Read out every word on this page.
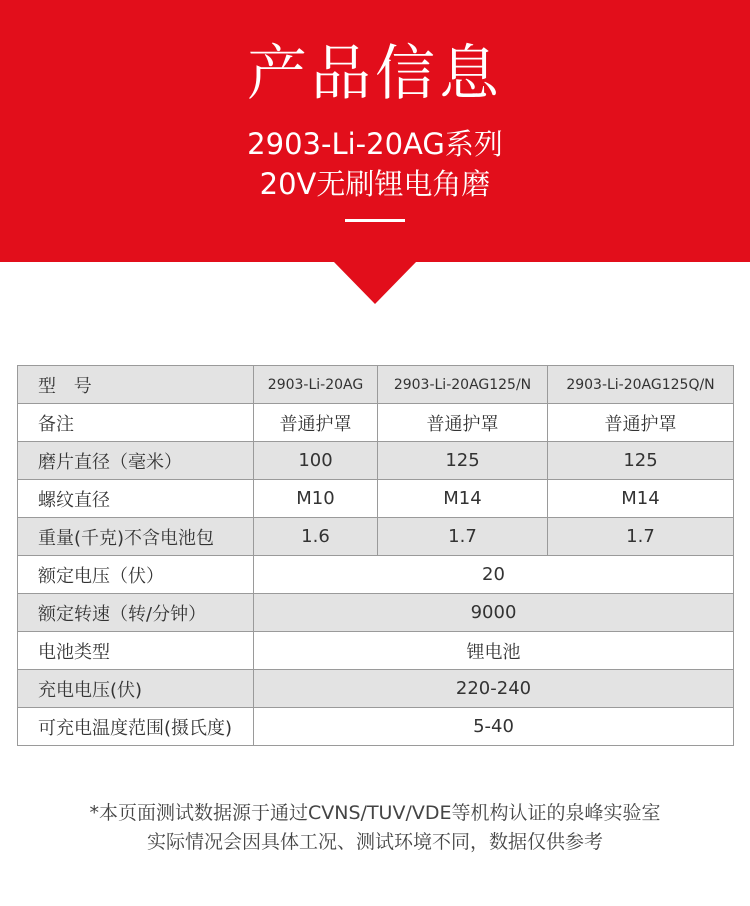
产品信息
2903-Li-20AG系列
20V无刷锂电角磨
型 号	2903-Li-20AG	2903-Li-20AG125/N	2903-Li-20AG125Q/N
备注	普通护罩	普通护罩	普通护罩
磨片直径（毫米）	100	125	125
螺纹直径	M10	M14	M14
重量(千克)不含电池包	1.6	1.7	1.7
额定电压（伏）	20		
额定转速（转/分钟）	9000		
电池类型	锂电池		
充电电压(伏)	220-240		
可充电温度范围(摄氏度)	5-40		
*本页面测试数据源于通过CVNS/TUV/VDE等机构认证的泉峰实验室
实际情况会因具体工况、测试环境不同，数据仅供参考
